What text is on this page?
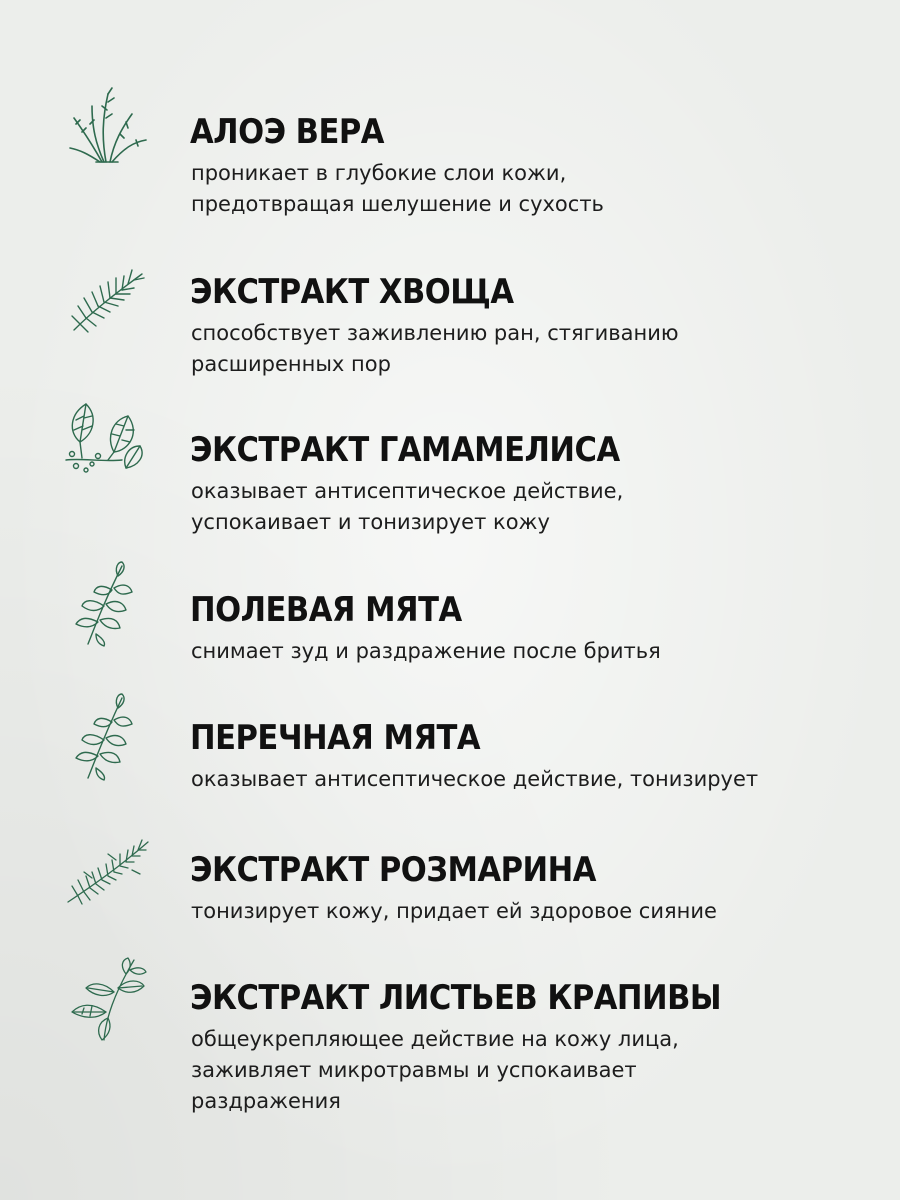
АЛОЭ ВЕРА

проникает в глубокие слои кожи,
предотвращая шелушение и сухость

ЭКСТРАКТ ХВОЩА

способствует заживлению ран, стягиванию
расширенных пор

ЭКСТРАКТ ГАМАМЕЛИСА

оказывает антисептическое действие,
успокаивает и тонизирует кожу

ПОЛЕВАЯ МЯТА

снимает зуд и раздражение после бритья

ПЕРЕЧНАЯ МЯТА

оказывает антисептическое действие, тонизирует

ЭКСТРАКТ РОЗМАРИНА

тонизирует кожу, придает ей здоровое сияние

ЭКСТРАКТ ЛИСТЬЕВ КРАПИВЫ

общеукрепляющее действие на кожу лица,
заживляет микротравмы и успокаивает
раздражения
